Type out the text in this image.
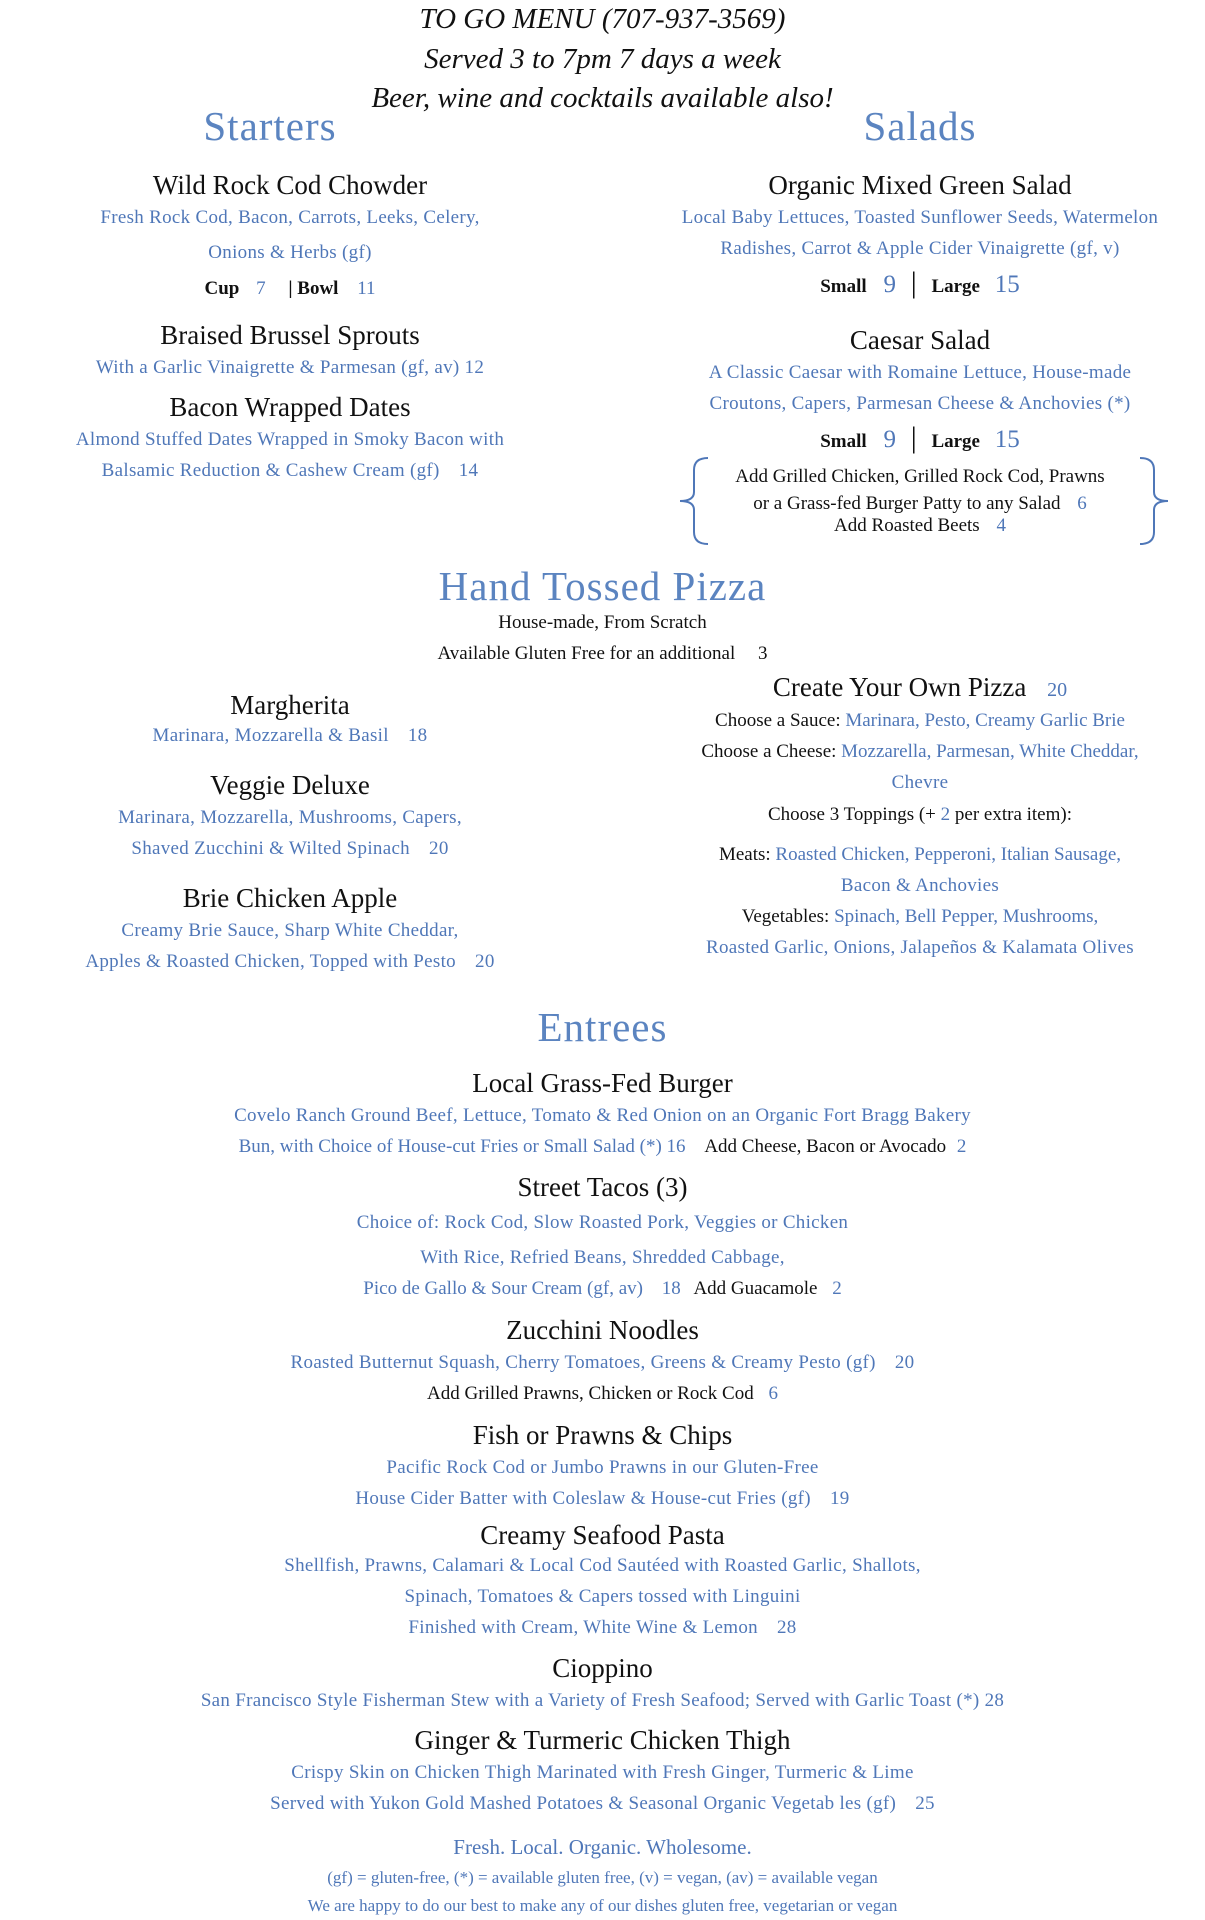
TO GO MENU (707-937-3569)
Served 3 to 7pm 7 days a week
Beer, wine and cocktails available also!
Starters
Wild Rock Cod Chowder
Fresh Rock Cod, Bacon, Carrots, Leeks, Celery,
Onions & Herbs (gf)
Cup 7 | Bowl 11
Braised Brussel Sprouts
With a Garlic Vinaigrette & Parmesan (gf, av) 12
Bacon Wrapped Dates
Almond Stuffed Dates Wrapped in Smoky Bacon with
Balsamic Reduction & Cashew Cream (gf) 14
Salads
Organic Mixed Green Salad
Local Baby Lettuces, Toasted Sunflower Seeds, Watermelon
Radishes, Carrot & Apple Cider Vinaigrette (gf, v)
Small 9 | Large 15
Caesar Salad
A Classic Caesar with Romaine Lettuce, House-made
Croutons, Capers, Parmesan Cheese & Anchovies (*)
Small 9 | Large 15
Add Grilled Chicken, Grilled Rock Cod, Prawns
or a Grass-fed Burger Patty to any Salad 6
Add Roasted Beets 4
Hand Tossed Pizza
House-made, From Scratch
Available Gluten Free for an additional 3
Margherita
Marinara, Mozzarella & Basil 18
Veggie Deluxe
Marinara, Mozzarella, Mushrooms, Capers,
Shaved Zucchini & Wilted Spinach 20
Brie Chicken Apple
Creamy Brie Sauce, Sharp White Cheddar,
Apples & Roasted Chicken, Topped with Pesto 20
Create Your Own Pizza 20
Choose a Sauce: Marinara, Pesto, Creamy Garlic Brie
Choose a Cheese: Mozzarella, Parmesan, White Cheddar,
Chevre
Choose 3 Toppings (+ 2 per extra item):
Meats: Roasted Chicken, Pepperoni, Italian Sausage,
Bacon & Anchovies
Vegetables: Spinach, Bell Pepper, Mushrooms,
Roasted Garlic, Onions, Jalapeños & Kalamata Olives
Entrees
Local Grass-Fed Burger
Covelo Ranch Ground Beef, Lettuce, Tomato & Red Onion on an Organic Fort Bragg Bakery
Bun, with Choice of House-cut Fries or Small Salad (*) 16 Add Cheese, Bacon or Avocado 2
Street Tacos (3)
Choice of: Rock Cod, Slow Roasted Pork, Veggies or Chicken
With Rice, Refried Beans, Shredded Cabbage,
Pico de Gallo & Sour Cream (gf, av) 18 Add Guacamole 2
Zucchini Noodles
Roasted Butternut Squash, Cherry Tomatoes, Greens & Creamy Pesto (gf) 20
Add Grilled Prawns, Chicken or Rock Cod 6
Fish or Prawns & Chips
Pacific Rock Cod or Jumbo Prawns in our Gluten-Free
House Cider Batter with Coleslaw & House-cut Fries (gf) 19
Creamy Seafood Pasta
Shellfish, Prawns, Calamari & Local Cod Sautéed with Roasted Garlic, Shallots,
Spinach, Tomatoes & Capers tossed with Linguini
Finished with Cream, White Wine & Lemon 28
Cioppino
San Francisco Style Fisherman Stew with a Variety of Fresh Seafood; Served with Garlic Toast (*) 28
Ginger & Turmeric Chicken Thigh
Crispy Skin on Chicken Thigh Marinated with Fresh Ginger, Turmeric & Lime
Served with Yukon Gold Mashed Potatoes & Seasonal Organic Vegetab les (gf) 25
Fresh. Local. Organic. Wholesome.
(gf) = gluten-free, (*) = available gluten free, (v) = vegan, (av) = available vegan
We are happy to do our best to make any of our dishes gluten free, vegetarian or vegan
